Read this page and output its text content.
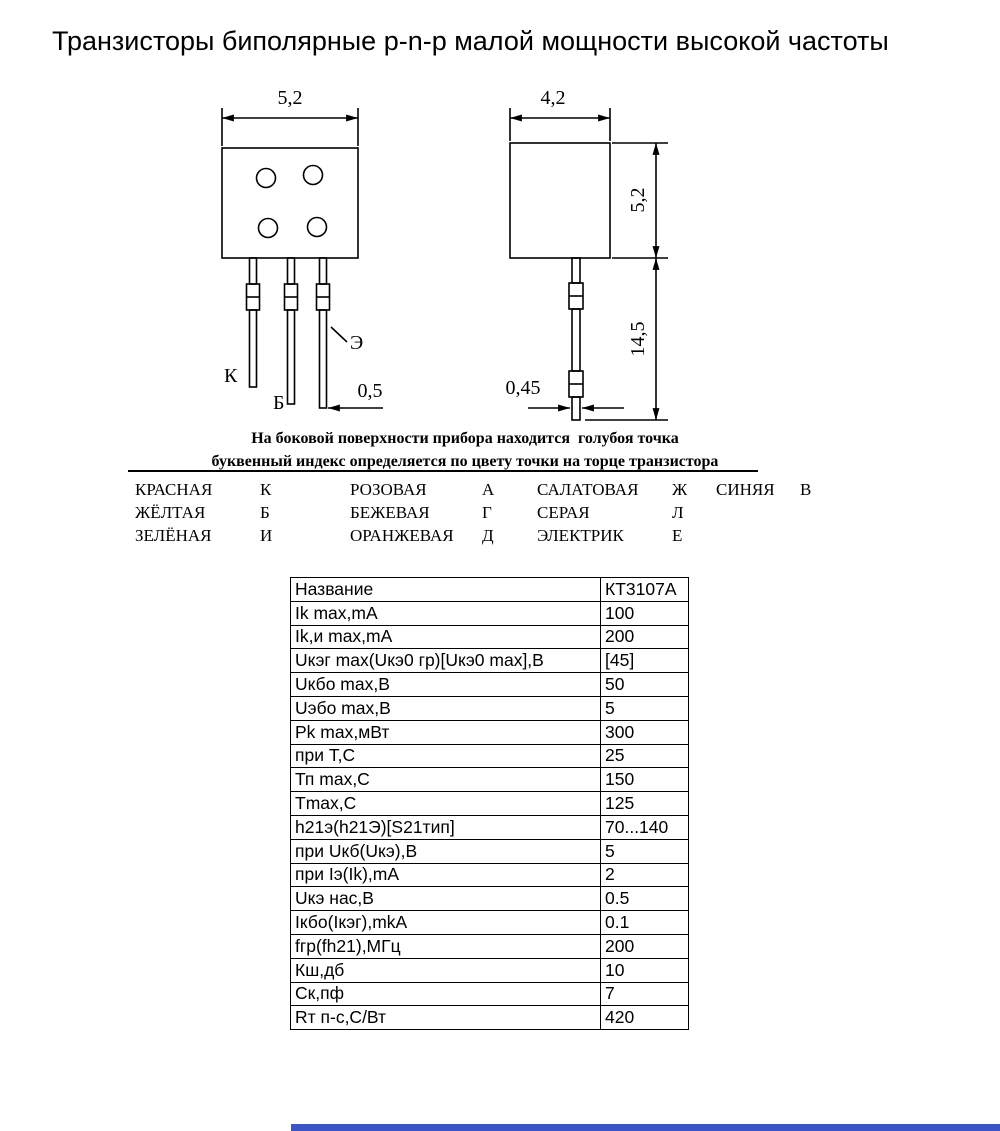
Транзисторы биполярные p-n-p малой мощности высокой частоты
5,2	4,2
5,2
14,5
0,5	0,45
К
Б
Э

На боковой поверхности прибора находится  голубоя точка

буквенный индекс определяется по цвету точки на торце транзистора

КРАСНАЯ	К	РОЗОВАЯ	А	САЛАТОВАЯ	Ж	СИНЯЯ	В
ЖЁЛТАЯ	Б	БЕЖЕВАЯ	Г	СЕРАЯ	Л
ЗЕЛЁНАЯ	И	ОРАНЖЕВАЯ	Д	ЭЛЕКТРИК	Е
Название	КТ3107А
Ik max,mA	100
Ik,и max,mA	200
Uкэг max(Uкэ0 гр)[Uкэ0 max],В	[45]
Uкбо max,В	50
Uэбо max,В	5
Pk max,мВт	300
при Т,С	25
Тп max,С	150
Tmax,С	125
h21э(h21Э)[S21тип]	70...140
при Uкб(Uкэ),В	5
при Iэ(Ik),mA	2
Uкэ нас,В	0.5
Iкбо(Iкэг),mkA	0.1
fгр(fh21),МГц	200
Кш,дб	10
Ск,пф	7
Rт п-с,С/Вт	420
